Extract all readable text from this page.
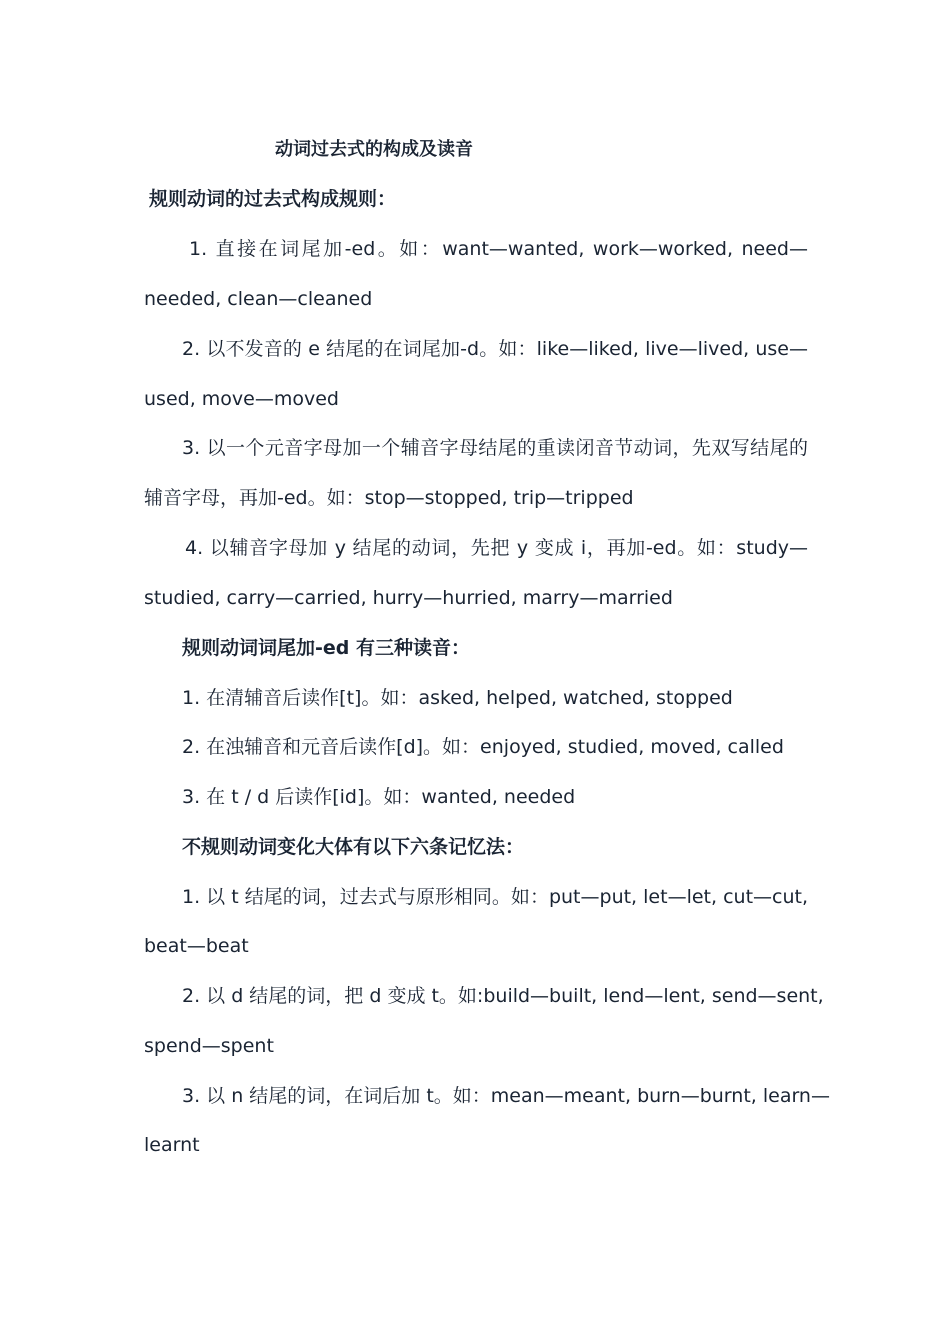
动词过去式的构成及读音
规则动词的过去式构成规则：
1. 直接在词尾加-ed。如：want—wanted, work—worked, need—
needed, clean—cleaned
2. 以不发音的 e 结尾的在词尾加-d。如：like—liked, live—lived, use—
used, move—moved
3. 以一个元音字母加一个辅音字母结尾的重读闭音节动词，先双写结尾的
辅音字母，再加-ed。如：stop—stopped, trip—tripped
4. 以辅音字母加 y 结尾的动词，先把 y 变成 i，再加-ed。如：study—
studied, carry—carried, hurry—hurried, marry—married
规则动词词尾加-ed 有三种读音：
1. 在清辅音后读作[t]。如：asked, helped, watched, stopped
2. 在浊辅音和元音后读作[d]。如：enjoyed, studied, moved, called
3. 在 t / d 后读作[id]。如：wanted, needed
不规则动词变化大体有以下六条记忆法：
1. 以 t 结尾的词，过去式与原形相同。如：put—put, let—let, cut—cut,
beat—beat
2. 以 d 结尾的词，把 d 变成 t。如:build—built, lend—lent, send—sent,
spend—spent
3. 以 n 结尾的词，在词后加 t。如：mean—meant, burn—burnt, learn—
learnt
